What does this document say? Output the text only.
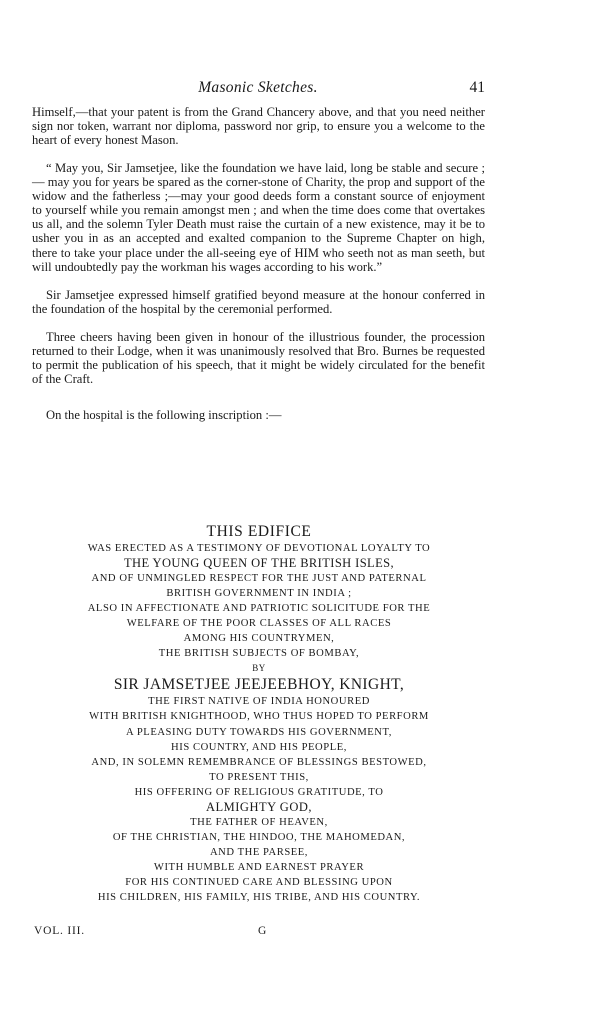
Masonic Sketches.	41

Himself,—that your patent is from the Grand Chancery above, and that you need neither sign nor token, warrant nor diploma, password nor grip, to ensure you a welcome to the heart of every honest Mason.

“ May you, Sir Jamsetjee, like the foundation we have laid, long be stable and secure ; — may you for years be spared as the corner-stone of Charity, the prop and support of the widow and the fatherless ;—may your good deeds form a constant source of enjoyment to yourself while you remain amongst men ; and when the time does come that overtakes us all, and the solemn Tyler Death must raise the curtain of a new existence, may it be to usher you in as an accepted and exalted companion to the Supreme Chapter on high, there to take your place under the all-seeing eye of HIM who seeth not as man seeth, but will undoubtedly pay the workman his wages according to his work.”

Sir Jamsetjee expressed himself gratified beyond measure at the honour conferred in the foundation of the hospital by the ceremonial performed.

Three cheers having been given in honour of the illustrious founder, the procession returned to their Lodge, when it was unanimously resolved that Bro. Burnes be requested to permit the publication of his speech, that it might be widely circulated for the benefit of the Craft.

On the hospital is the following inscription :—

THIS EDIFICE
WAS ERECTED AS A TESTIMONY OF DEVOTIONAL LOYALTY TO
THE YOUNG QUEEN OF THE BRITISH ISLES,
AND OF UNMINGLED RESPECT FOR THE JUST AND PATERNAL
BRITISH GOVERNMENT IN INDIA ;
ALSO IN AFFECTIONATE AND PATRIOTIC SOLICITUDE FOR THE
WELFARE OF THE POOR CLASSES OF ALL RACES
AMONG HIS COUNTRYMEN,
THE BRITISH SUBJECTS OF BOMBAY,
BY
SIR JAMSETJEE JEEJEEBHOY, KNIGHT,
THE FIRST NATIVE OF INDIA HONOURED
WITH BRITISH KNIGHTHOOD, WHO THUS HOPED TO PERFORM
A PLEASING DUTY TOWARDS HIS GOVERNMENT,
HIS COUNTRY, AND HIS PEOPLE,
AND, IN SOLEMN REMEMBRANCE OF BLESSINGS BESTOWED,
TO PRESENT THIS,
HIS OFFERING OF RELIGIOUS GRATITUDE, TO
ALMIGHTY GOD,
THE FATHER OF HEAVEN,
OF THE CHRISTIAN, THE HINDOO, THE MAHOMEDAN,
AND THE PARSEE,
WITH HUMBLE AND EARNEST PRAYER
FOR HIS CONTINUED CARE AND BLESSING UPON
HIS CHILDREN, HIS FAMILY, HIS TRIBE, AND HIS COUNTRY.
VOL. III.	G
